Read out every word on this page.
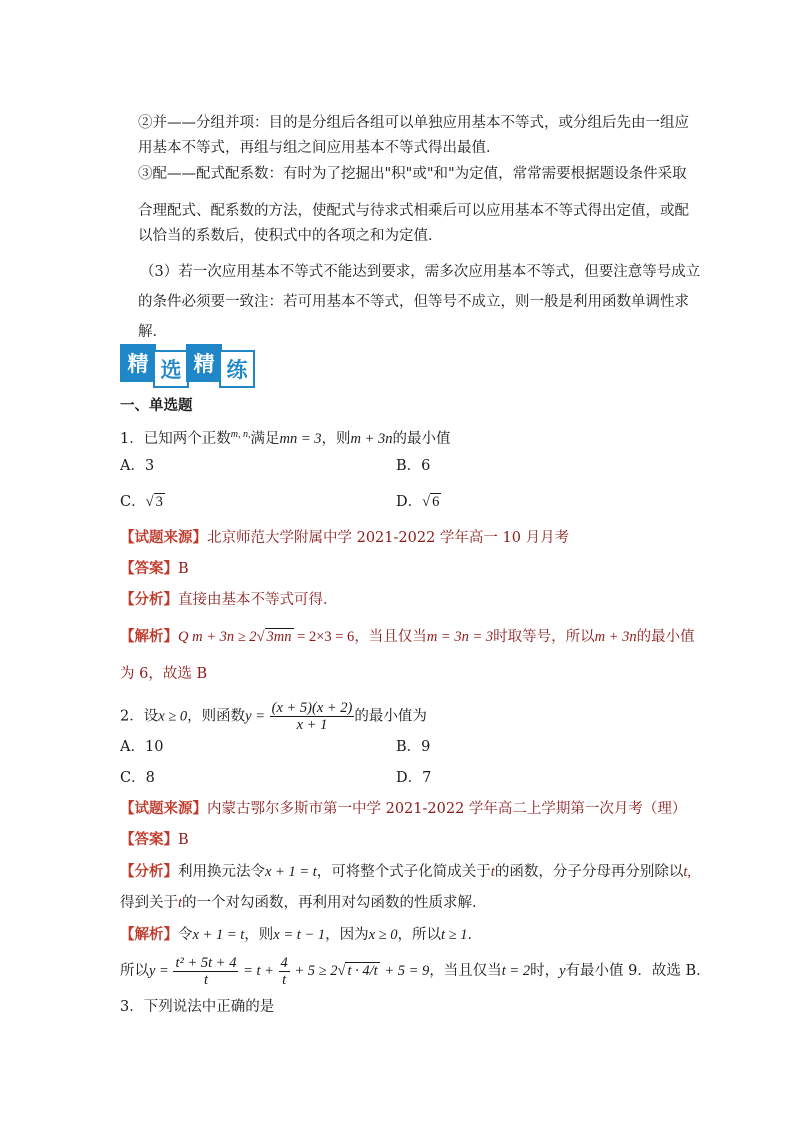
②并——分组并项：目的是分组后各组可以单独应用基本不等式，或分组后先由一组应
用基本不等式，再组与组之间应用基本不等式得出最值．
③配——配式配系数：有时为了挖掘出"积"或"和"为定值，常常需要根据题设条件采取
合理配式、配系数的方法，使配式与待求式相乘后可以应用基本不等式得出定值，或配
以恰当的系数后，使积式中的各项之和为定值．
（3）若一次应用基本不等式不能达到要求，需多次应用基本不等式，但要注意等号成立
的条件必须要一致注：若可用基本不等式，但等号不成立，则一般是利用函数单调性求
解．
精 选 精 练
一、单选题
1．已知两个正数$^{m, n,}$满足mn = 3，则m + 3n的最小值
A．3	B．6
C．√ 3	D．√ 6
【试题来源】北京师范大学附属中学 2021-2022 学年高一 10 月月考
【答案】B
【分析】直接由基本不等式可得．
【解析】Q m + 3n ≥ 2√ 3mn = 2×3 = 6，当且仅当m = 3n = 3时取等号，所以m + 3n的最小值
为 6，故选 B
2．设x ≥ 0，则函数$y = \frac{(x + 5)(x + 2)}{x + 1}$ 的最小值为
A．10	B．9
C．8	D．7
【试题来源】内蒙古鄂尔多斯市第一中学 2021-2022 学年高二上学期第一次月考（理）
【答案】B
【分析】利用换元法令x + 1 = t，可将整个式子化简成关于t的函数，分子分母再分别除以t,
得到关于t的一个对勾函数，再利用对勾函数的性质求解．
【解析】令x + 1 = t，则x = t − 1，因为x ≥ 0，所以t ≥ 1．
所以$y = \frac{\text{t² + 5t + 4}}{t} = t + \frac{4}{t} + 5 \ge 2√$ t · 4/t + 5 = 9，当且仅当t = 2时，y有最小值 9．故选 B．
3．下列说法中正确的是
